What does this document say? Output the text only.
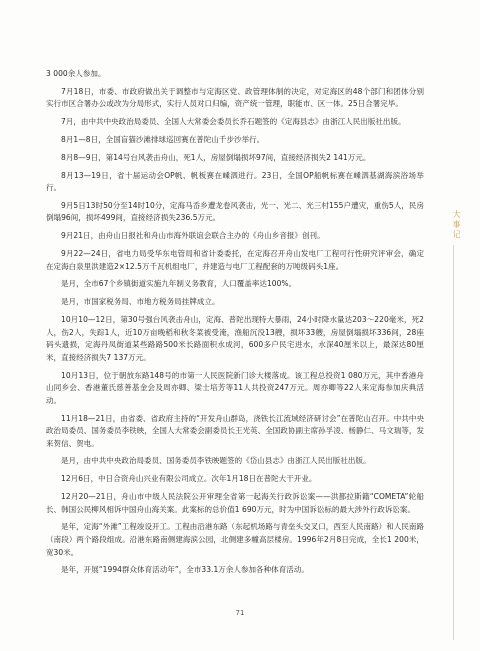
3 000余人参加。

7月18日，市委、市政府做出关于调整市与定海区党、政管理体制的决定，对定海区的48个部门和团体分别实行市区合署办公或改为分局形式，实行人员对口归编，资产统一管理，职能市、区一体。25日合署完毕。

7月，由中共中央政治局委员、全国人大常委会委员长乔石题签的《定海县志》由浙江人民出版社出版。

8月1—8日，全国盲猫沙滩排球巡回赛在普陀山千步沙举行。

8月8—9日，第14号台风袭击舟山，死1人，房屋倒塌损坏97间，直接经济损失2 141万元。

8月13—19日，省十届运动会OP帆、帆板赛在嵊泗进行。23日，全国OP船帆标赛在嵊泗基湖海滨浴场举行。

9月5日13时50分至14时10分，定海马岙乡遭龙卷风袭击，光一、光二、光三村155户遭灾，重伤5人，民房倒塌96间，损坏499间，直接经济损失236.5万元。

9月21日，由舟山日报社和舟山市海外联谊会联合主办的《舟山乡音报》创刊。

9月22—24日，省电力局受华东电管局和省计委委托，在定海召开舟山发电厂工程可行性研究评审会，确定在定海白泉里洪建造2×12.5万千瓦机组电厂，并建造与电厂工程配套的万吨级码头1座。

是月，全市67个乡镇街道实施九年制义务教育，人口覆盖率达100%。

是月，市国家税务局、市地方税务局挂牌成立。

10月10—12日，第30号强台风袭击舟山，定海、普陀出现特大暴雨，24小时降水量达203～220毫米，死2人，伤2人，失踪1人，近10万亩晚稻和秋冬菜被受淹，渔船沉没13艘，损坏33艘，房屋倒塌损坏336间，28座码头遗损，定海丹凤街道某些路路500米长路面积水成河，600多户民宅进水，水深40厘米以上，最深达80厘米，直接经济损失7 137万元。

10月13日，位于朝放东路148号的市第一人民医院新门诊大楼落成。该工程总投资1 080万元，其中香港舟山同乡会、香港董氏慈善基金会及周亦卿、梁士培芳等11人共投资247万元。周亦卿等22人来定海参加庆典活动。

11月18—21日，由省委、省政府主持的“开发舟山群岛，浇铁长江流域经济研讨会”在普陀山召开。中共中央政治局委员、国务委员李铁映，全国人大常委会副委员长王光英、全国政协副主席孙孚凌、杨静仁、马文瑞等，发来贺信、贺电。

是月，由中共中央政治局委员、国务委员李铁映题签的《岱山县志》由浙江人民出版社出版。

12月6日，中日合资舟山兴业有限公司成立。次年1月18日在普陀大干开业。

12月20—21日，舟山市中级人民法院公开审理全省第一起海关行政诉讼案——洪都拉斯籍“COMETA”轮船长、韩国公民柳风相诉中国舟山海关案。此案标的总价值1 690万元，时为中国诉讼标的最大涉外行政诉讼案。

是年，定海“外滩”工程竣设开工。工程由沿港东路（东起机场路与青垒头交叉口，西至人民南路）和人民南路（南段）两个路段组成。沿港东路南侧建海滨公园，北侧建多幢高层楼房。1996年2月8日完成，全长1 200米，宽30米。

是年，开展“1994群众体育活动年”，全市33.1万余人参加各种体育活动。

大事记
71
